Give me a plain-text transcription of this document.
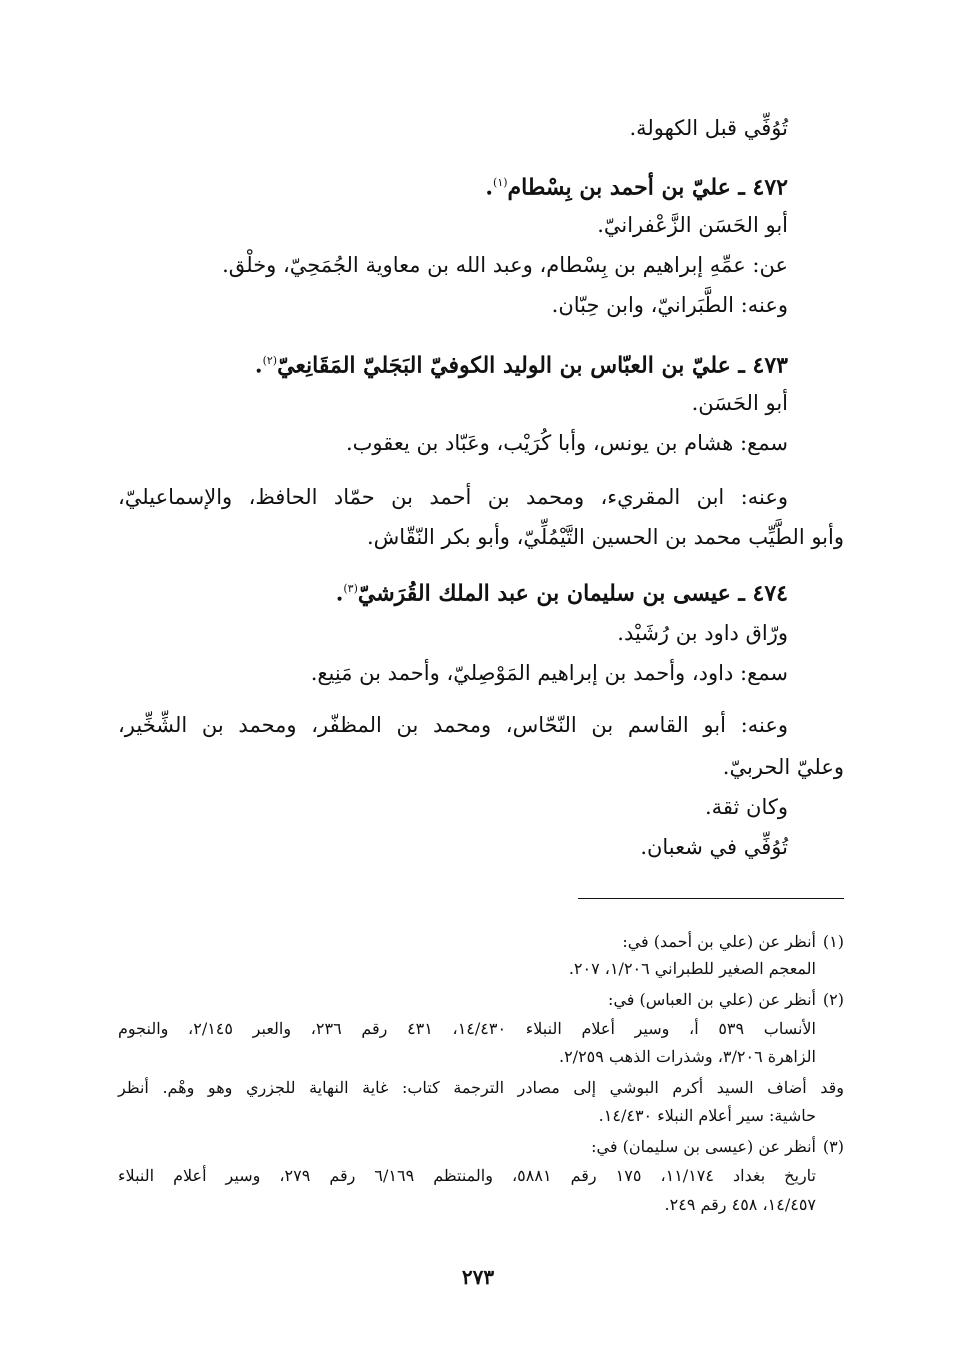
تُوُفِّي قبل الكهولة.
٤٧٢ ـ عليّ بن أحمد بن بِسْطام$^{(١)}$.
أبو الحَسَن الزَّعْفرانيّ.
عن: عمِّهِ إبراهيم بن بِسْطام، وعبد الله بن معاوية الجُمَحِيّ، وخلْق.
وعنه: الطَّبَرانيّ، وابن حِبّان.
٤٧٣ ـ عليّ بن العبّاس بن الوليد الكوفيّ البَجَليّ المَقَانِعيّ$^{(٢)}$.
أبو الحَسَن.
سمع: هشام بن يونس، وأبا كُرَيْب، وعَبّاد بن يعقوب.
وعنه: ابن المقريء، ومحمد بن أحمد بن حمّاد الحافظ، والإسماعيليّ،
وأبو الطَّيِّب محمد بن الحسين التَّيْمُلِّيّ، وأبو بكر النّقّاش.
٤٧٤ ـ عيسى بن سليمان بن عبد الملك القُرَشيّ$^{(٣)}$.
ورّاق داود بن رُشَيْد.
سمع: داود، وأحمد بن إبراهيم المَوْصِليّ، وأحمد بن مَنِيع.
وعنه: أبو القاسم بن النّحّاس، ومحمد بن المظفّر، ومحمد بن الشِّخِّير،
وعليّ الحربيّ.
وكان ثقة.
تُوُفِّي في شعبان.
(١)أنظر عن (علي بن أحمد) في:
المعجم الصغير للطبراني ١/٢٠٦، ٢٠٧.
(٢)أنظر عن (علي بن العباس) في:
الأنساب ٥٣٩ أ، وسير أعلام النبلاء ١٤/٤٣٠، ٤٣١ رقم ٢٣٦، والعبر ٢/١٤٥، والنجوم
الزاهرة ٣/٢٠٦، وشذرات الذهب ٢/٢٥٩.
وقد أضاف السيد أكرم البوشي إلى مصادر الترجمة كتاب: غاية النهاية للجزري وهو وهْم. أنظر
حاشية: سير أعلام النبلاء ١٤/٤٣٠.
(٣)أنظر عن (عيسى بن سليمان) في:
تاريخ بغداد ١١/١٧٤، ١٧٥ رقم ٥٨٨١، والمنتظم ٦/١٦٩ رقم ٢٧٩، وسير أعلام النبلاء
١٤/٤٥٧، ٤٥٨ رقم ٢٤٩.
٢٧٣
